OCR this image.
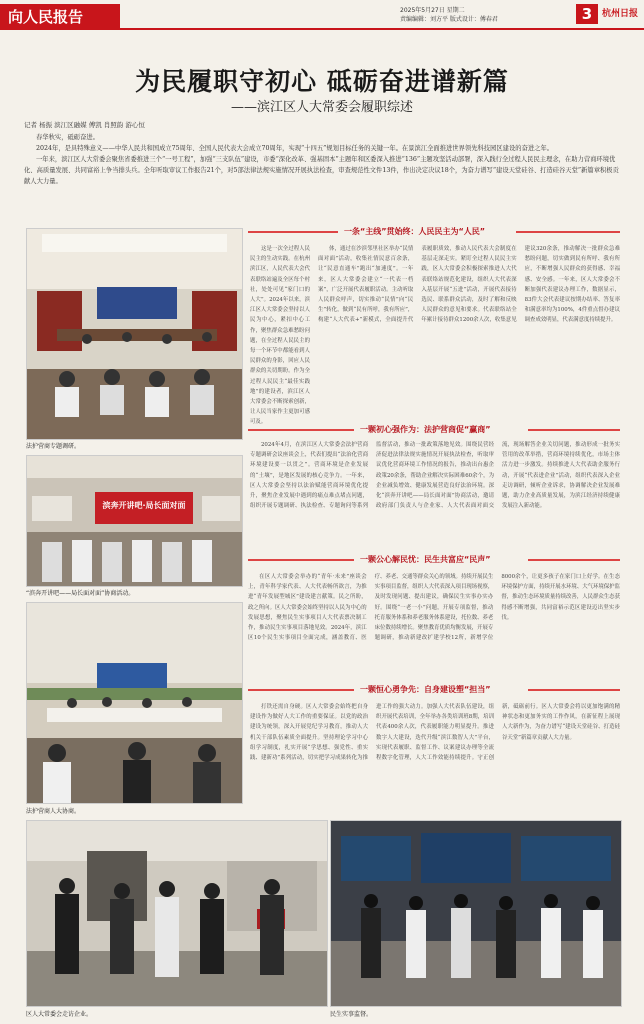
向人民报告	2025年5月27日 星期二
责编编辑：刘方平 版式设计：傅春君	3	杭州日报
为民履职守初心 砥砺奋进谱新篇
——滨江区人大常委会履职综述
记者 杨振 滨江区融媒 傅凯 肖照韵 游心恒

春华秋实，砥砺奋进。

2024年，是具特殊意义——中华人民共和国成立75周年、全国人民代表大会成立70周年，实现“十四五”规划目标任务的关键一年。在景滨江全面推进世界领先科技园区建设的奋进之年。

一年来，滨江区人大常委会聚焦省委推进三个“一号工程”，加强“三支队伍”建设，市委“深化改革、强基固本”主题年和区委深入推进“136”主题攻坚活动部署，深入践行全过程人民民主理念，在助力营商环境优化、高质量发展、共同富裕上争当排头兵。全年听取审议工作报告21个，对5部法律法规实施情况开展执法检查，审查规范性文件13件，作出决定决议18个，为奋力谱写“建设天堂硅谷、打造硅谷天堂”新篇章积极贡献人大力量。

法护营商专题调研。
一条“主线”贯始终：人民民主为“人民”

这是一次全过程人民民主的生动实践。在杭州滨江区，人民代表大会代表联络站遍及全区每个村社，处处可见“家门口的人大”。2024年以来，滨江区人大常委会坚持以人民为中心，紧扣中心工作，聚焦群众急难愁盼问题，在全过程人民民主的每一个环节中都能看到人民群众的身影，回应人民群众的关切期盼。作为全过程人民民主“最佳实践地”的建设者，滨江区人大常委会不断探索创新，让人民当家作主更加可感可及。

体，通过在沙滨邻里社区举办“民情面对面”活动，收集社情民意百余条，让“民意直通车”跑出“加速度”。一年来，区人大常委会建立“一代表一档案”，广泛开展代表履职活动。主动听取人民群众呼声，切实推动“民情”向“民生”转化，做到“民有所呼，我有所应”，构建“人大代表+”新模式，全面提升代表履职质效，推动人民代表大会制度在基层走深走实。紧盯全过程人民民主实践，区人大常委会积极探索推进人大代表联络站规范化建设，组织人大代表深入基层开展“五进”活动，开展代表接待选民、联系群众活动，及时了解和反映人民群众的意见和要求。代表联络站全年累计接待群众1200余人次，收集意见建议320余条，推动解决一批群众急难愁盼问题，切实做到民有所呼、我有所应，不断增强人民群众的获得感、幸福感、安全感。一年来，区人大常委会不断加强代表建议办理工作，数据显示，83件大会代表建议按期办结率、答复率和满意率均为100%，4件重点督办建议调查成效明显，代表满意度持续提升。

一颗初心强作为：法护营商促“赢商”

2024年4月，在滨江区人大常委会法护营商专题调研会议座谈会上，代表们提出“法治化营商环境建设要一以贯之”。营商环境是企业发展的“土壤”，是地区发展的核心竞争力。一年来，区人大常委会坚持以法治赋能营商环境优化提升，聚焦企业发展中遇到的痛点难点堵点问题，组织开展专题调研、执法检查、专题询问等系列监督活动，推动一批政策落地见效。围绕民营经济促进法律法规实施情况开展执法检查，听取审议优化营商环境工作情况的报告，推动出台惠企政策20余条，帮助企业解决实际困难60余个，为企业减负增效、健康发展营造良好法治环境。深化“滨奔开讲吧——局长面对面”协商活动，邀请政府部门负责人与企业家、人大代表面对面交流，现场解答企业关切问题，推动形成一批务实管用的改革举措，营商环境持续优化，市场主体活力进一步激发。持续推进人大代表助企服务行动，开展“代表进企业”活动，组织代表深入企业走访调研，倾听企业诉求，协调解决企业发展难题，助力企业高质量发展，为滨江经济持续健康发展注入新动能。

滨奔开讲吧·局长面对面
“滨奔开讲吧——局长面对面”协商活动。
一颗公心解民忧：民生共富应“民声”

在区人大常委会举办的“青年·未来”座谈会上，青年科学家代表、人大代表畅所欲言，为推进“青年发展型城区”建设建言献策。民之所盼，政之所向。区人大常委会始终坚持以人民为中心的发展思想，聚焦民生实事项目人大代表票决制工作，推动民生实事项目落地见效。2024年，滨江区10个民生实事项目全面完成，涵盖教育、医疗、养老、交通等群众关心的领域。持续开展民生实事项目监督，组织人大代表深入项目现场视察，及时发现问题、提出建议，确保民生实事办实办好。围绕“一老一小”问题，开展专项监督，推动托育服务体系和养老服务体系建设，托位数、养老床位数持续增长。聚焦教育优质均衡发展，开展专题调研，推动新建改扩建学校12所，新增学位8000余个，让更多孩子在家门口上好学。在生态环境保护方面，持续开展水环境、大气环境保护监督，推动生态环境质量持续改善，人民群众生态获得感不断增强，共同富裕示范区建设迈出坚实步伐。

法护营商人大协商。
一颗恒心勇争先：自身建设塑“担当”

打铁还需自身硬。区人大常委会始终把自身建设作为做好人大工作的重要保证。以党的政治建设为统领，深入开展党纪学习教育，推动人大机关干部队伍素质全面提升。坚持理论学习中心组学习制度，扎实开展“学思想、强党性、重实践、建新功”系列活动，切实把学习成果转化为推进工作的强大动力。加强人大代表队伍建设，组织开展代表培训，全年举办各类培训班8期，培训代表400余人次，代表履职能力明显提升。推进数字人大建设，迭代升级“滨江数智人大”平台，实现代表履职、监督工作、议案建议办理等全流程数字化管理，人大工作效能持续提升。守正创新，砥砺前行。区人大常委会将以更加饱满的精神状态和更加务实的工作作风，在新征程上展现人大新作为，为奋力谱写“建设天堂硅谷、打造硅谷天堂”新篇章贡献人大力量。

区人大常委会走访企业。	民生实事监督。
